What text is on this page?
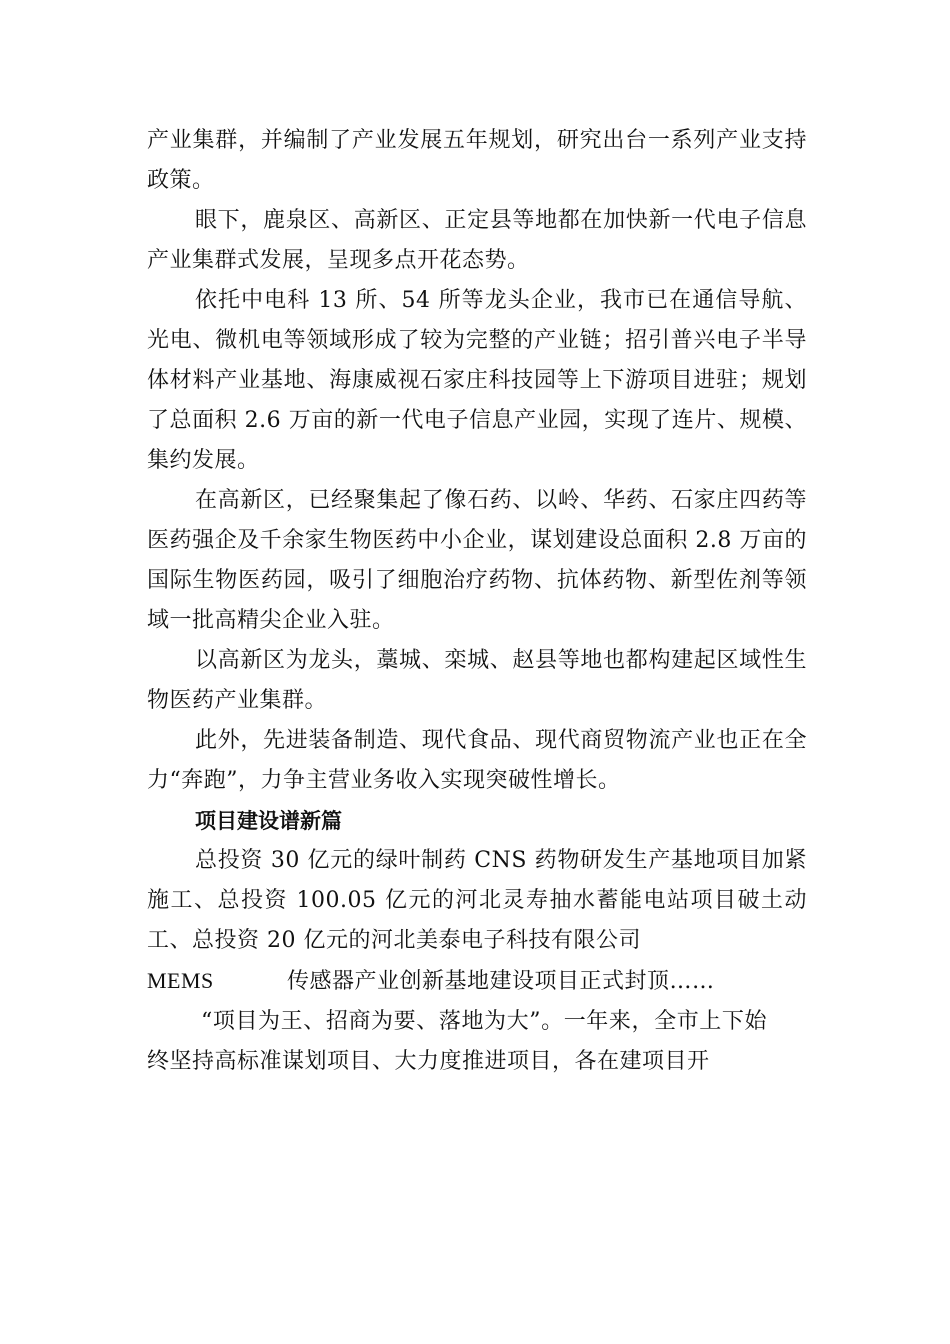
产业集群，并编制了产业发展五年规划，研究出台一系列产业支持政策。

眼下，鹿泉区、高新区、正定县等地都在加快新一代电子信息产业集群式发展，呈现多点开花态势。

依托中电科 13 所、54 所等龙头企业，我市已在通信导航、光电、微机电等领域形成了较为完整的产业链；招引普兴电子半导体材料产业基地、海康威视石家庄科技园等上下游项目进驻；规划了总面积 2.6 万亩的新一代电子信息产业园，实现了连片、规模、集约发展。

在高新区，已经聚集起了像石药、以岭、华药、石家庄四药等医药强企及千余家生物医药中小企业，谋划建设总面积 2.8 万亩的国际生物医药园，吸引了细胞治疗药物、抗体药物、新型佐剂等领域一批高精尖企业入驻。

以高新区为龙头，藁城、栾城、赵县等地也都构建起区域性生物医药产业集群。

此外，先进装备制造、现代食品、现代商贸物流产业也正在全力“奔跑”，力争主营业务收入实现突破性增长。

项目建设谱新篇

总投资 30 亿元的绿叶制药 CNS 药物研发生产基地项目加紧施工、总投资 100.05 亿元的河北灵寿抽水蓄能电站项目破土动工、总投资 20 亿元的河北美泰电子科技有限公司

MEMS	传感器产业创新基地建设项目正式封顶……

“项目为王、招商为要、落地为大”。一年来，全市上下始终坚持高标准谋划项目、大力度推进项目，各在建项目开
